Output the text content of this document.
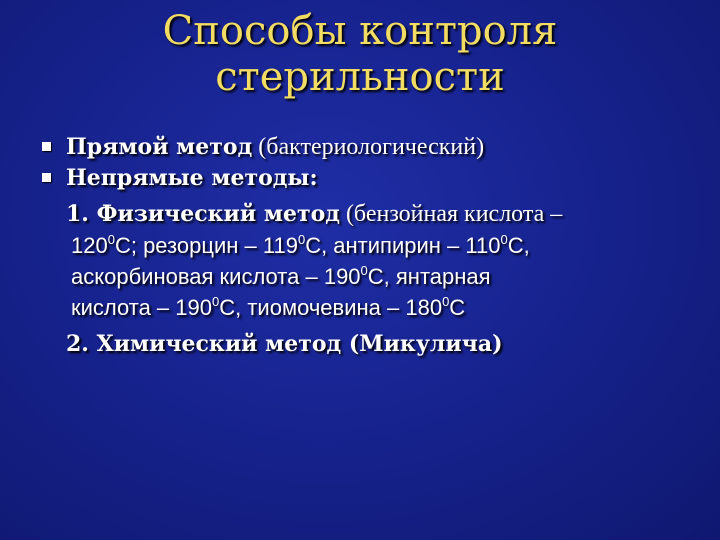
Способы контроля
стерильности
Прямой метод (бактериологический)
Непрямые методы:
1. Физический метод (бензойная кислота –
$120^0С$; резорцин – $119^0С$, антипирин – $110^0С$,
аскорбиновая кислота – $190^0С$, янтарная
кислота – $190^0С$, тиомочевина – $180^0С$
2. Химический метод (Микулича)
